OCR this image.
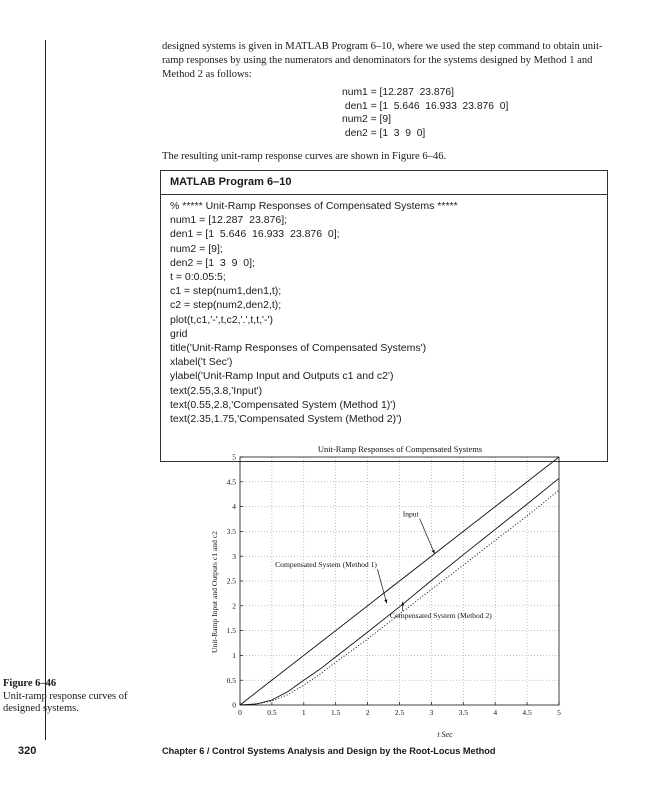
designed systems is given in MATLAB Program 6–10, where we used the step command to obtain unit-ramp responses by using the numerators and denominators for the systems designed by Method 1 and Method 2 as follows:

num1 = [12.287  23.876]
den1 = [1  5.646  16.933  23.876  0]
num2 = [9]
den2 = [1  3  9  0]

The resulting unit-ramp response curves are shown in Figure 6–46.

MATLAB Program 6–10
% ***** Unit-Ramp Responses of Compensated Systems *****
num1 = [12.287  23.876];
den1 = [1  5.646  16.933  23.876  0];
num2 = [9];
den2 = [1  3  9  0];
t = 0:0.05:5;
c1 = step(num1,den1,t);
c2 = step(num2,den2,t);
plot(t,c1,'-',t,c2,'.',t,t,'-')
grid
title('Unit-Ramp Responses of Compensated Systems')
xlabel('t Sec')
ylabel('Unit-Ramp Input and Outputs c1 and c2')
text(2.55,3.8,'Input')
text(0.55,2.8,'Compensated System (Method 1)')
text(2.35,1.75,'Compensated System (Method 2)')
Unit-Ramp Responses of Compensated Systems
0	0.5	1	1.5	2	2.5	3	3.5	4	4.5	5
0
0.5
1
1.5
2
2.5
3
3.5
4
4.5
5
Input
Compensated System (Method 1)
Compensated System (Method 2)
t Sec
Unit-Ramp Input and Outputs c1 and c2
Figure 6–46
Unit-ramp response curves of designed systems.
320	Chapter 6 / Control Systems Analysis and Design by the Root-Locus Method
